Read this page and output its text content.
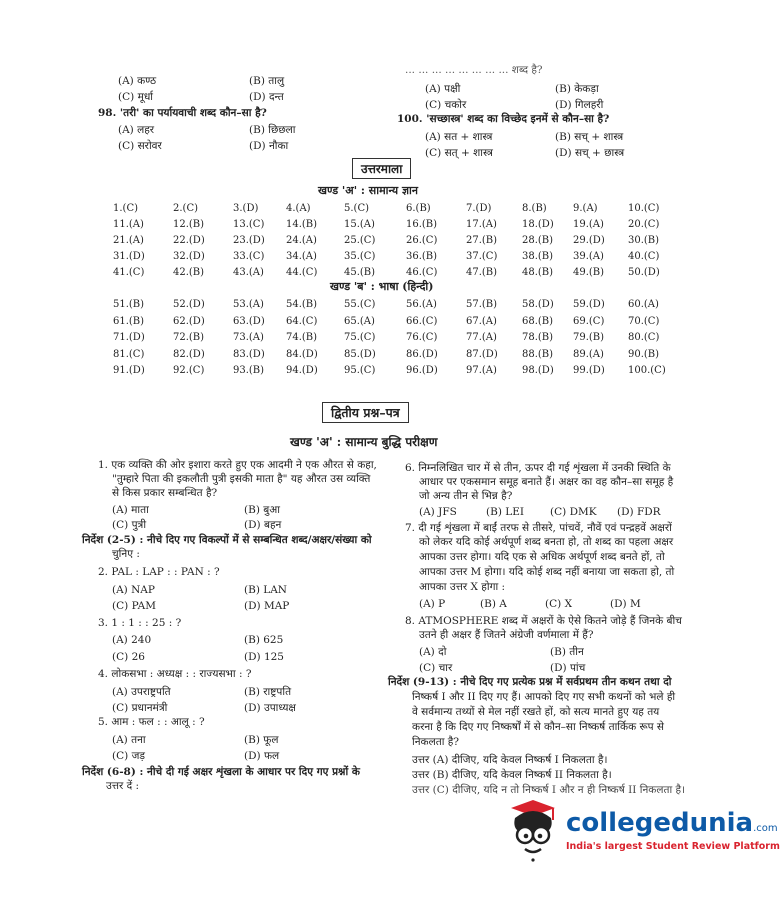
(A) कण्ठ	(B) तालु
(C) मूर्धा	(D) दन्त
98. 'तरी' का पर्यायवाची शब्द कौन–सा है?
(A) लहर	(B) छिछला
(C) सरोवर	(D) नौका
... ... ... ... ... ... ... ... शब्द है?
(A) पक्षी	(B) केकड़ा
(C) चकोर	(D) गिलहरी
100. 'सच्छास्त्र' शब्द का विच्छेद इनमें से कौन–सा है?
(A) सत + शास्त्र	(B) सच् + शास्त्र
(C) सत् + शास्त्र	(D) सच् + छास्त्र
उत्तरमाला
खण्ड 'अ' : सामान्य ज्ञान
1.(C)	2.(C)	3.(D)	4.(A)	5.(C)	6.(B)	7.(D)	8.(B)	9.(A)	10.(C)
11.(A)	12.(B)	13.(C) 14.(B)	15.(A)	16.(B)	17.(A)	18.(D) 19.(A) 20.(C)
21.(A)	22.(D)	23.(D) 24.(A)	25.(C)	26.(C)	27.(B) 28.(B) 29.(D) 30.(B)
31.(D)	32.(D)	33.(C) 34.(A)	35.(C)	36.(B)	37.(C) 38.(B) 39.(A) 40.(C)
41.(C)	42.(B)	43.(A) 44.(C)	45.(B)	46.(C)	47.(B) 48.(B) 49.(B) 50.(D)
खण्ड 'ब' : भाषा (हिन्दी)
51.(B)	52.(D)	53.(A) 54.(B)	55.(C)	56.(A)	57.(B) 58.(D) 59.(D) 60.(A)
61.(B)	62.(D)	63.(D) 64.(C)	65.(A)	66.(C)	67.(A)	68.(B) 69.(C) 70.(C)
71.(D)	72.(B)	73.(A) 74.(B)	75.(C)	76.(C)	77.(A)	78.(B) 79.(B) 80.(C)
81.(C)	82.(D)	83.(D) 84.(D)	85.(D)	86.(D)	87.(D) 88.(B) 89.(A) 90.(B)
91.(D)	92.(C)	93.(B) 94.(D)	95.(C)	96.(D)	97.(A)	98.(D) 99.(D) 100.(C)
द्वितीय प्रश्न–पत्र
खण्ड 'अ' : सामान्य बुद्धि परीक्षण
1. एक व्यक्ति की ओर इशारा करते हुए एक आदमी ने एक औरत से कहा,
"तुम्हारे पिता की इकलौती पुत्री इसकी माता है" यह औरत उस व्यक्ति
से किस प्रकार सम्बन्धित है?
(A) माता	(B) बुआ
(C) पुत्री	(D) बहन
निर्देश (2-5) : नीचे दिए गए विकल्पों में से सम्बन्धित शब्द/अक्षर/संख्या को
चुनिए :
2. PAL : LAP : : PAN : ?
(A) NAP	(B) LAN
(C) PAM	(D) MAP
3. 1 : 1 : : 25 : ?
(A) 240	(B) 625
(C) 26	(D) 125
4. लोकसभा : अध्यक्ष : : राज्यसभा : ?
(A) उपराष्ट्रपति	(B) राष्ट्रपति
(C) प्रधानमंत्री	(D) उपाध्यक्ष
5. आम : फल : : आलू : ?
(A) तना	(B) फूल
(C) जड़	(D) फल
निर्देश (6-8) : नीचे दी गई अक्षर शृंखला के आधार पर दिए गए प्रश्नों के
उत्तर दें :
6. निम्नलिखित चार में से तीन, ऊपर दी गई शृंखला में उनकी स्थिति के
आधार पर एकसमान समूह बनाते हैं। अक्षर का वह कौन–सा समूह है
जो अन्य तीन से भिन्न है?
(A) JFS	(B) LEI (C) DMK (D) FDR
7. दी गई शृंखला में बाईं तरफ से तीसरे, पांचवें, नौवें एवं पन्द्रहवें अक्षरों
को लेकर यदि कोई अर्थपूर्ण शब्द बनता हो, तो शब्द का पहला अक्षर
आपका उत्तर होगा। यदि एक से अधिक अर्थपूर्ण शब्द बनते हों, तो
आपका उत्तर M होगा। यदि कोई शब्द नहीं बनाया जा सकता हो, तो
आपका उत्तर X होगा :
(A) P	(B) A	(C) X	(D) M
8. ATMOSPHERE शब्द में अक्षरों के ऐसे कितने जोड़े हैं जिनके बीच
उतने ही अक्षर हैं जितने अंग्रेजी वर्णमाला में हैं?
(A) दो	(B) तीन
(C) चार	(D) पांच
निर्देश (9-13) : नीचे दिए गए प्रत्येक प्रश्न में सर्वप्रथम तीन कथन तथा दो
निष्कर्ष I और II दिए गए हैं। आपको दिए गए सभी कथनों को भले ही
वे सर्वमान्य तथ्यों से मेल नहीं रखते हों, को सत्य मानते हुए यह तय
करना है कि दिए गए निष्कर्षों में से कौन–सा निष्कर्ष तार्किक रूप से
निकलता है?
उत्तर (A) दीजिए, यदि केवल निष्कर्ष I निकलता है।
उत्तर (B) दीजिए, यदि केवल निष्कर्ष II निकलता है।
उत्तर (C) दीजिए, यदि न तो निष्कर्ष I और न ही निष्कर्ष II निकलता है।
collegedunia.com
India's largest Student Review Platform
